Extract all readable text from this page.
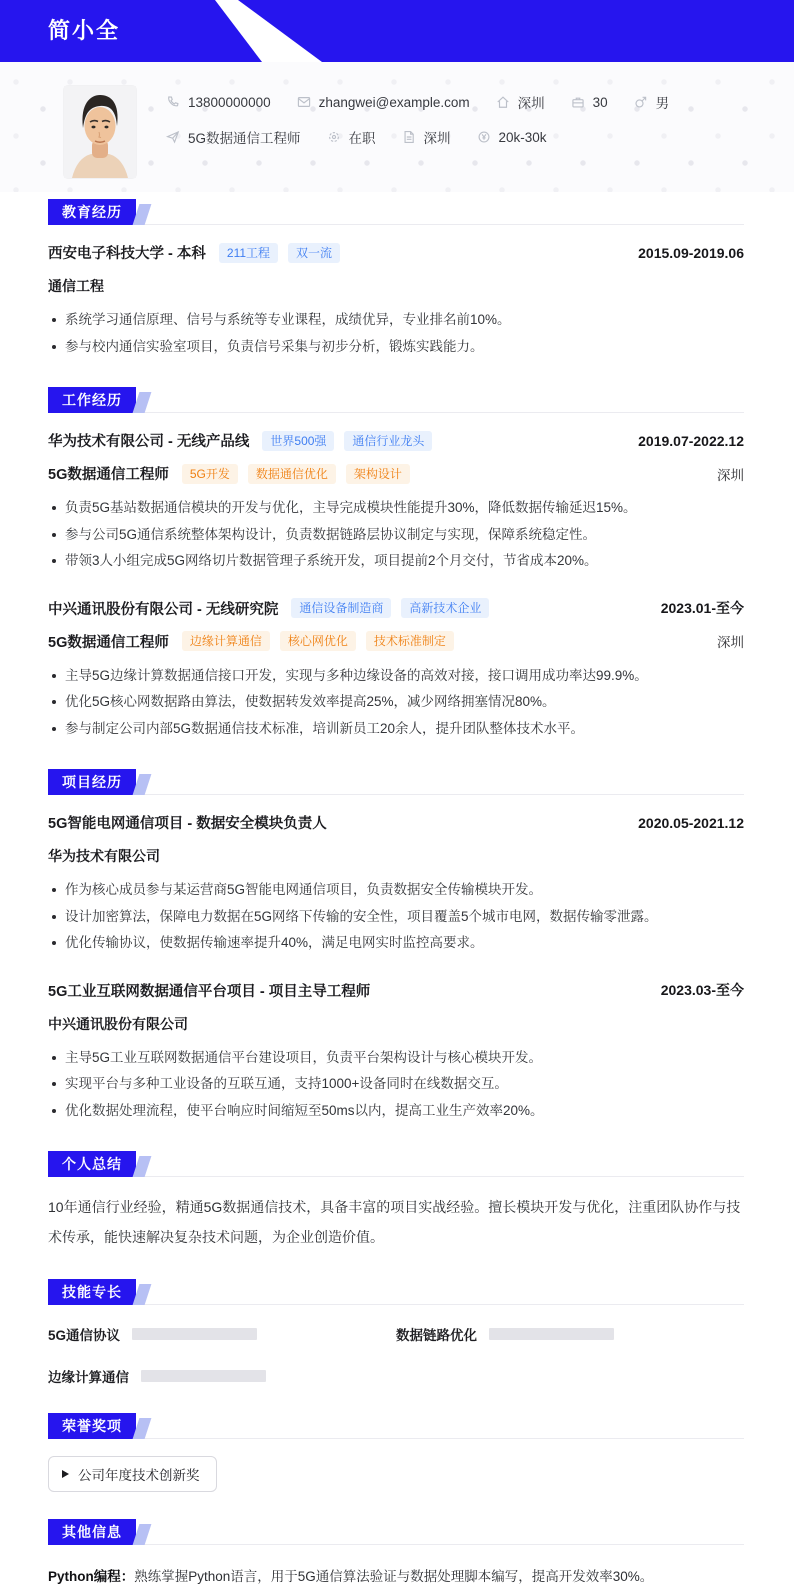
简小全
13800000000	zhangwei@example.com	深圳	30	男
5G数据通信工程师	在职	深圳	20k-30k
教育经历
西安电子科技大学 - 本科	211工程	双一流	2015.09-2019.06
通信工程
系统学习通信原理、信号与系统等专业课程，成绩优异，专业排名前10%。
参与校内通信实验室项目，负责信号采集与初步分析，锻炼实践能力。
工作经历
华为技术有限公司 - 无线产品线	世界500强	通信行业龙头	2019.07-2022.12
5G数据通信工程师	5G开发	数据通信优化	架构设计	深圳
负责5G基站数据通信模块的开发与优化，主导完成模块性能提升30%，降低数据传输延迟15%。
参与公司5G通信系统整体架构设计，负责数据链路层协议制定与实现，保障系统稳定性。
带领3人小组完成5G网络切片数据管理子系统开发，项目提前2个月交付，节省成本20%。
中兴通讯股份有限公司 - 无线研究院	通信设备制造商	高新技术企业	2023.01-至今
5G数据通信工程师	边缘计算通信	核心网优化	技术标准制定	深圳
主导5G边缘计算数据通信接口开发，实现与多种边缘设备的高效对接，接口调用成功率达99.9%。
优化5G核心网数据路由算法，使数据转发效率提高25%，减少网络拥塞情况80%。
参与制定公司内部5G数据通信技术标准，培训新员工20余人，提升团队整体技术水平。
项目经历
5G智能电网通信项目 - 数据安全模块负责人	2020.05-2021.12
华为技术有限公司
作为核心成员参与某运营商5G智能电网通信项目，负责数据安全传输模块开发。
设计加密算法，保障电力数据在5G网络下传输的安全性，项目覆盖5个城市电网，数据传输零泄露。
优化传输协议，使数据传输速率提升40%，满足电网实时监控高要求。
5G工业互联网数据通信平台项目 - 项目主导工程师	2023.03-至今
中兴通讯股份有限公司
主导5G工业互联网数据通信平台建设项目，负责平台架构设计与核心模块开发。
实现平台与多种工业设备的互联互通，支持1000+设备同时在线数据交互。
优化数据处理流程，使平台响应时间缩短至50ms以内，提高工业生产效率20%。
个人总结
10年通信行业经验，精通5G数据通信技术，具备丰富的项目实战经验。擅长模块开发与优化，注重团队协作与技术传承，能快速解决复杂技术问题，为企业创造价值。
技能专长
5G通信协议	数据链路优化
边缘计算通信
荣誉奖项
公司年度技术创新奖
其他信息
Python编程：熟练掌握Python语言，用于5G通信算法验证与数据处理脚本编写，提高开发效率30%。
